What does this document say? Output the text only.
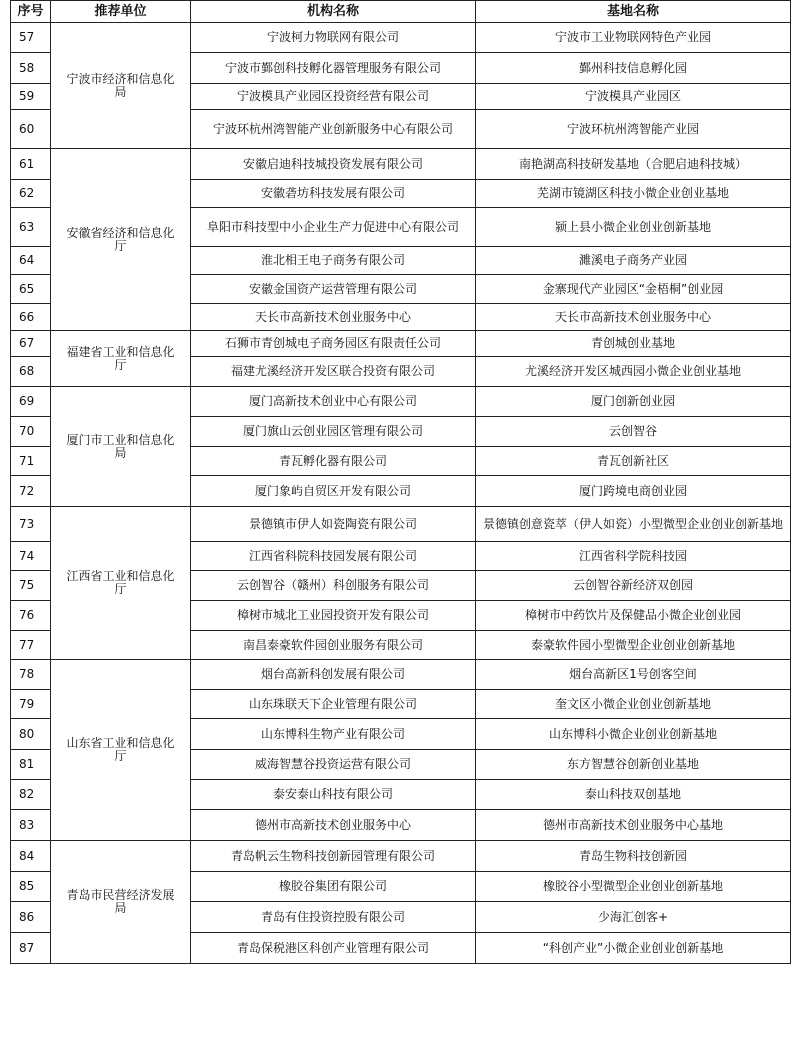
序号	推荐单位	机构名称	基地名称
57	宁波市经济和信息化局	宁波柯力物联网有限公司	宁波市工业物联网特色产业园
58		宁波市鄞创科技孵化器管理服务有限公司	鄞州科技信息孵化园
59		宁波模具产业园区投资经营有限公司	宁波模具产业园区
60		宁波环杭州湾智能产业创新服务中心有限公司	宁波环杭州湾智能产业园
61	安徽省经济和信息化厅	安徽启迪科技城投资发展有限公司	南艳湖高科技研发基地（合肥启迪科技城）
62		安徽砻坊科技发展有限公司	芜湖市镜湖区科技小微企业创业基地
63		阜阳市科技型中小企业生产力促进中心有限公司	颍上县小微企业创业创新基地
64		淮北相王电子商务有限公司	濉溪电子商务产业园
65		安徽金国资产运营管理有限公司	金寨现代产业园区“金梧桐”创业园
66		天长市高新技术创业服务中心	天长市高新技术创业服务中心
67	福建省工业和信息化厅	石狮市青创城电子商务园区有限责任公司	青创城创业基地
68		福建尤溪经济开发区联合投资有限公司	尤溪经济开发区城西园小微企业创业基地
69	厦门市工业和信息化局	厦门高新技术创业中心有限公司	厦门创新创业园
70		厦门旗山云创业园区管理有限公司	云创智谷
71		青瓦孵化器有限公司	青瓦创新社区
72		厦门象屿自贸区开发有限公司	厦门跨境电商创业园
73	江西省工业和信息化厅	景德镇市伊人如瓷陶瓷有限公司	景德镇创意瓷萃（伊人如瓷）小型微型企业创业创新基地
74		江西省科院科技园发展有限公司	江西省科学院科技园
75		云创智谷（赣州）科创服务有限公司	云创智谷新经济双创园
76		樟树市城北工业园投资开发有限公司	樟树市中药饮片及保健品小微企业创业园
77		南昌泰豪软件园创业服务有限公司	泰豪软件园小型微型企业创业创新基地
78	山东省工业和信息化厅	烟台高新科创发展有限公司	烟台高新区1号创客空间
79		山东珠联天下企业管理有限公司	奎文区小微企业创业创新基地
80		山东博科生物产业有限公司	山东博科小微企业创业创新基地
81		威海智慧谷投资运营有限公司	东方智慧谷创新创业基地
82		泰安泰山科技有限公司	泰山科技双创基地
83		德州市高新技术创业服务中心	德州市高新技术创业服务中心基地
84	青岛市民营经济发展局	青岛帆云生物科技创新园管理有限公司	青岛生物科技创新园
85		橡胶谷集团有限公司	橡胶谷小型微型企业创业创新基地
86		青岛有住投资控股有限公司	少海汇创客+
87		青岛保税港区科创产业管理有限公司	“科创产业”小微企业创业创新基地
